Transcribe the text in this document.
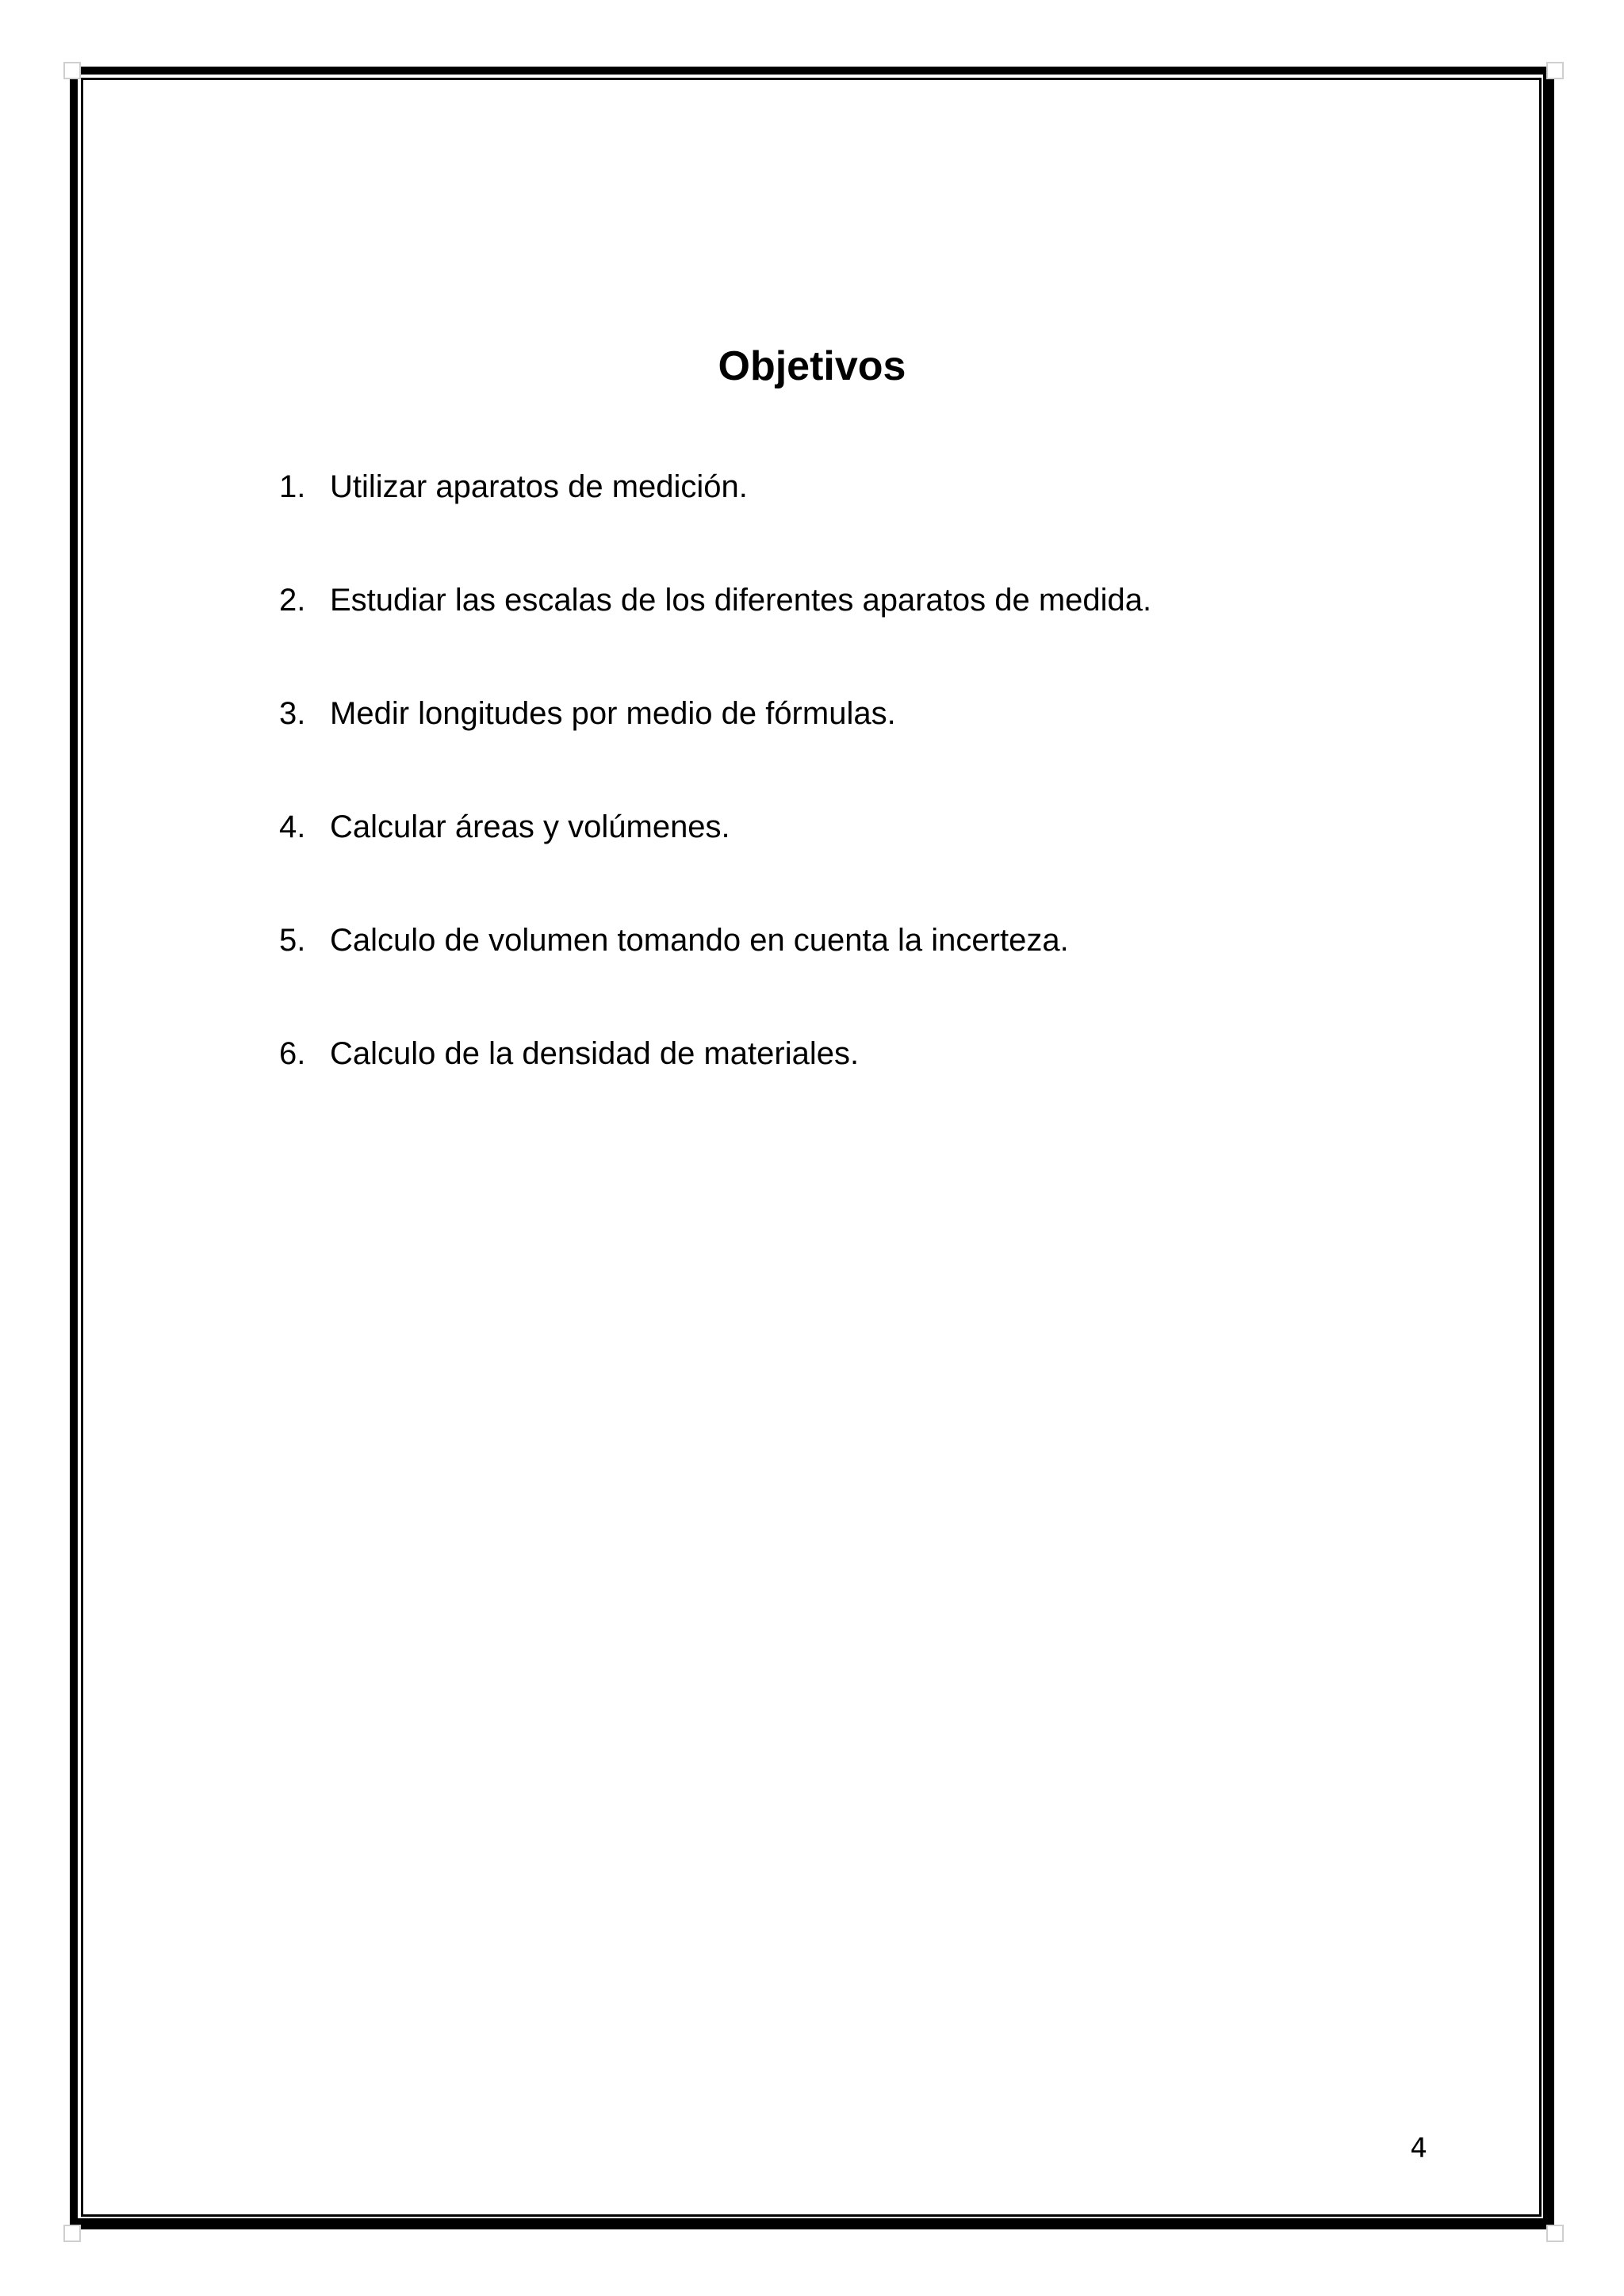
Objetivos
1. Utilizar aparatos de medición.
2. Estudiar las escalas de los diferentes aparatos de medida.
3. Medir longitudes por medio de fórmulas.
4. Calcular áreas y volúmenes.
5. Calculo de volumen tomando en cuenta la incerteza.
6. Calculo de la densidad de materiales.
4
